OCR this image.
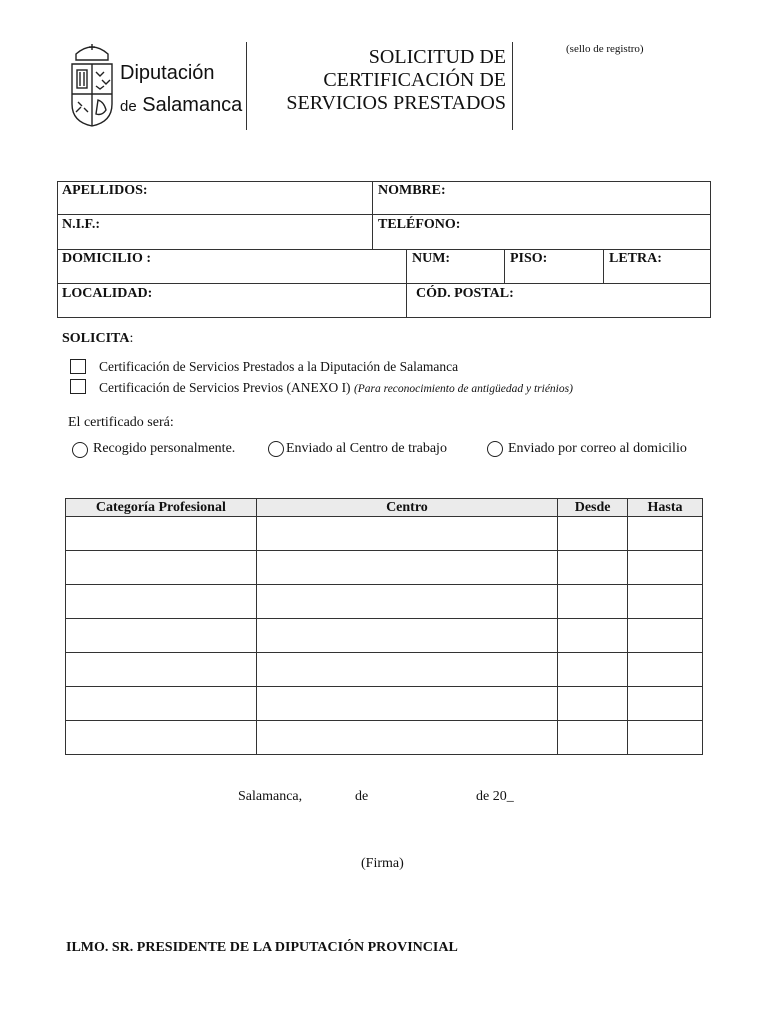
Diputación
de Salamanca
SOLICITUD DE
CERTIFICACIÓN DE
SERVICIOS PRESTADOS
(sello de registro)
APELLIDOS:	NOMBRE:
N.I.F.:	TELÉFONO:
DOMICILIO :	NUM:	PISO:	LETRA:
LOCALIDAD:	CÓD. POSTAL:
SOLICITA:
Certificación de Servicios Prestados a la Diputación de Salamanca
Certificación de Servicios Previos (ANEXO I) (Para reconocimiento de antigüedad y triénios)
El certificado será:
Recogido personalmente.	Enviado al Centro de trabajo	Enviado por correo al domicilio
Categoría Profesional	Centro	Desde	Hasta

Salamanca,	de	de 20_
(Firma)
ILMO. SR. PRESIDENTE DE LA DIPUTACIÓN PROVINCIAL
